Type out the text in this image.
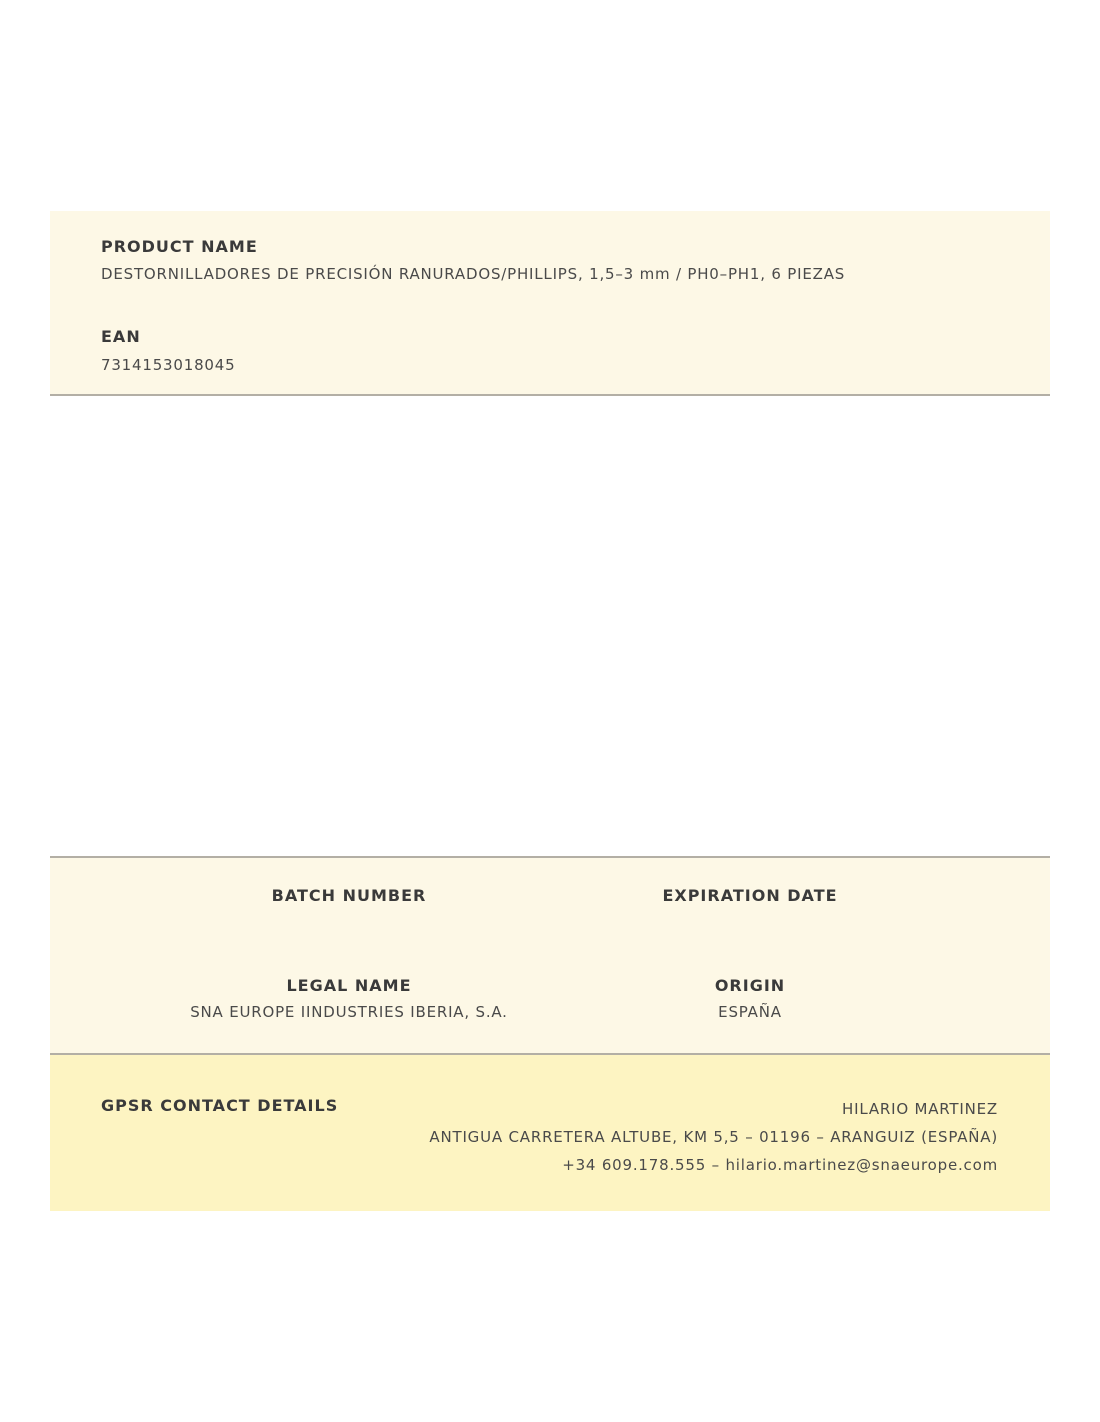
PRODUCT NAME
DESTORNILLADORES DE PRECISIÓN RANURADOS/PHILLIPS, 1,5–3 mm / PH0–PH1, 6 PIEZAS
EAN
7314153018045
BATCH NUMBER	EXPIRATION DATE
LEGAL NAME
SNA EUROPE IINDUSTRIES IBERIA, S.A.
ORIGIN
ESPAÑA
GPSR CONTACT DETAILS	HILARIO MARTINEZ
ANTIGUA CARRETERA ALTUBE, KM 5,5 – 01196 – ARANGUIZ (ESPAÑA)
+34 609.178.555 – hilario.martinez@snaeurope.com
